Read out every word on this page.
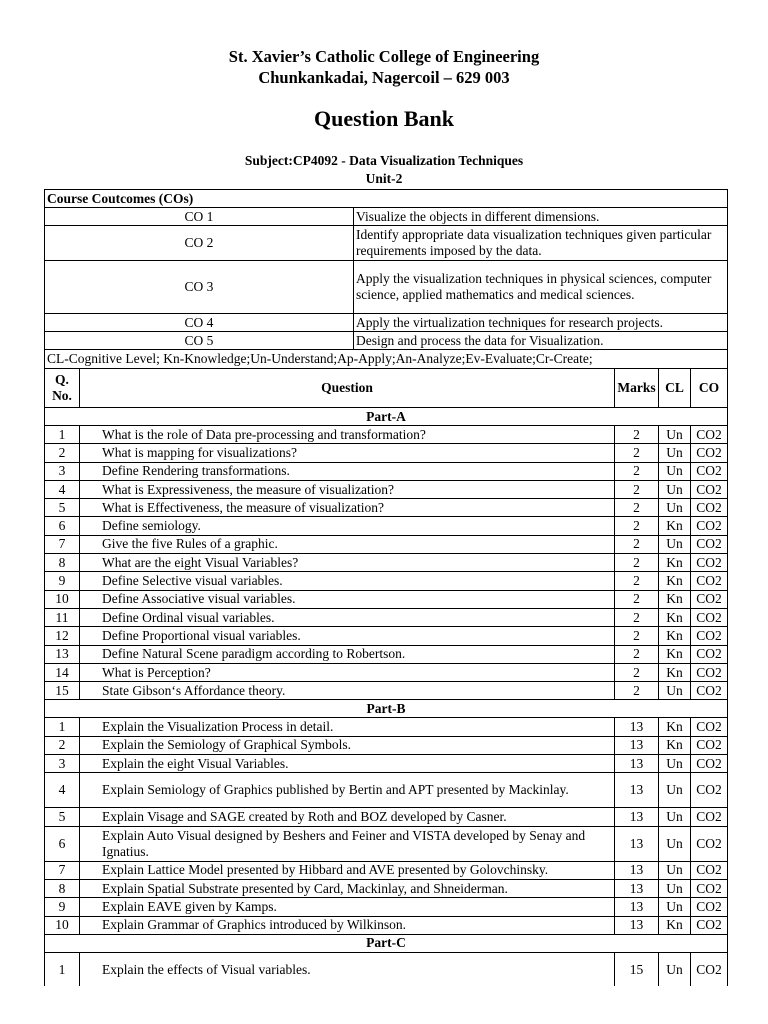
St. Xavier’s Catholic College of Engineering
Chunkankadai, Nagercoil – 629 003
Question Bank
Subject:CP4092 - Data Visualization Techniques
Unit-2
Course Coutcomes (COs)	
CO 1	Visualize the objects in different dimensions.
CO 2	Identify appropriate data visualization techniques given particular requirements imposed by the data.
CO 3	Apply the visualization techniques in physical sciences, computer science, applied mathematics and medical sciences.
CO 4	Apply the virtualization techniques for research projects.
CO 5	Design and process the data for Visualization.
CL-Cognitive Level; Kn-Knowledge;Un-Understand;Ap-Apply;An-Analyze;Ev-Evaluate;Cr-Create;	
Q. No.	Question	Marks	CL	CO
Part-A				
1	What is the role of Data pre-processing and transformation?	2	Un	CO2
2	What is mapping for visualizations?	2	Un	CO2
3	Define Rendering transformations.	2	Un	CO2
4	What is Expressiveness, the measure of visualization?	2	Un	CO2
5	What is Effectiveness, the measure of visualization?	2	Un	CO2
6	Define semiology.	2	Kn	CO2
7	Give the five Rules of a graphic.	2	Un	CO2
8	What are the eight Visual Variables?	2	Kn	CO2
9	Define Selective visual variables.	2	Kn	CO2
10	Define Associative visual variables.	2	Kn	CO2
11	Define Ordinal visual variables.	2	Kn	CO2
12	Define Proportional visual variables.	2	Kn	CO2
13	Define Natural Scene paradigm according to Robertson.	2	Kn	CO2
14	What is Perception?	2	Kn	CO2
15	State Gibson‘s Affordance theory.	2	Un	CO2
Part-B				
1	Explain the Visualization Process in detail.	13	Kn	CO2
2	Explain the Semiology of Graphical Symbols.	13	Kn	CO2
3	Explain the eight Visual Variables.	13	Un	CO2
4	Explain Semiology of Graphics published by Bertin and APT presented by Mackinlay.	13	Un	CO2
5	Explain Visage and SAGE created by Roth and BOZ developed by Casner.	13	Un	CO2
6	Explain Auto Visual designed by Beshers and Feiner and VISTA developed by Senay and Ignatius.	13	Un	CO2
7	Explain Lattice Model presented by Hibbard and AVE presented by Golovchinsky.	13	Un	CO2
8	Explain Spatial Substrate presented by Card, Mackinlay, and Shneiderman.	13	Un	CO2
9	Explain EAVE given by Kamps.	13	Un	CO2
10	Explain Grammar of Graphics introduced by Wilkinson.	13	Kn	CO2
Part-C				
1	Explain the effects of Visual variables.	15	Un	CO2
